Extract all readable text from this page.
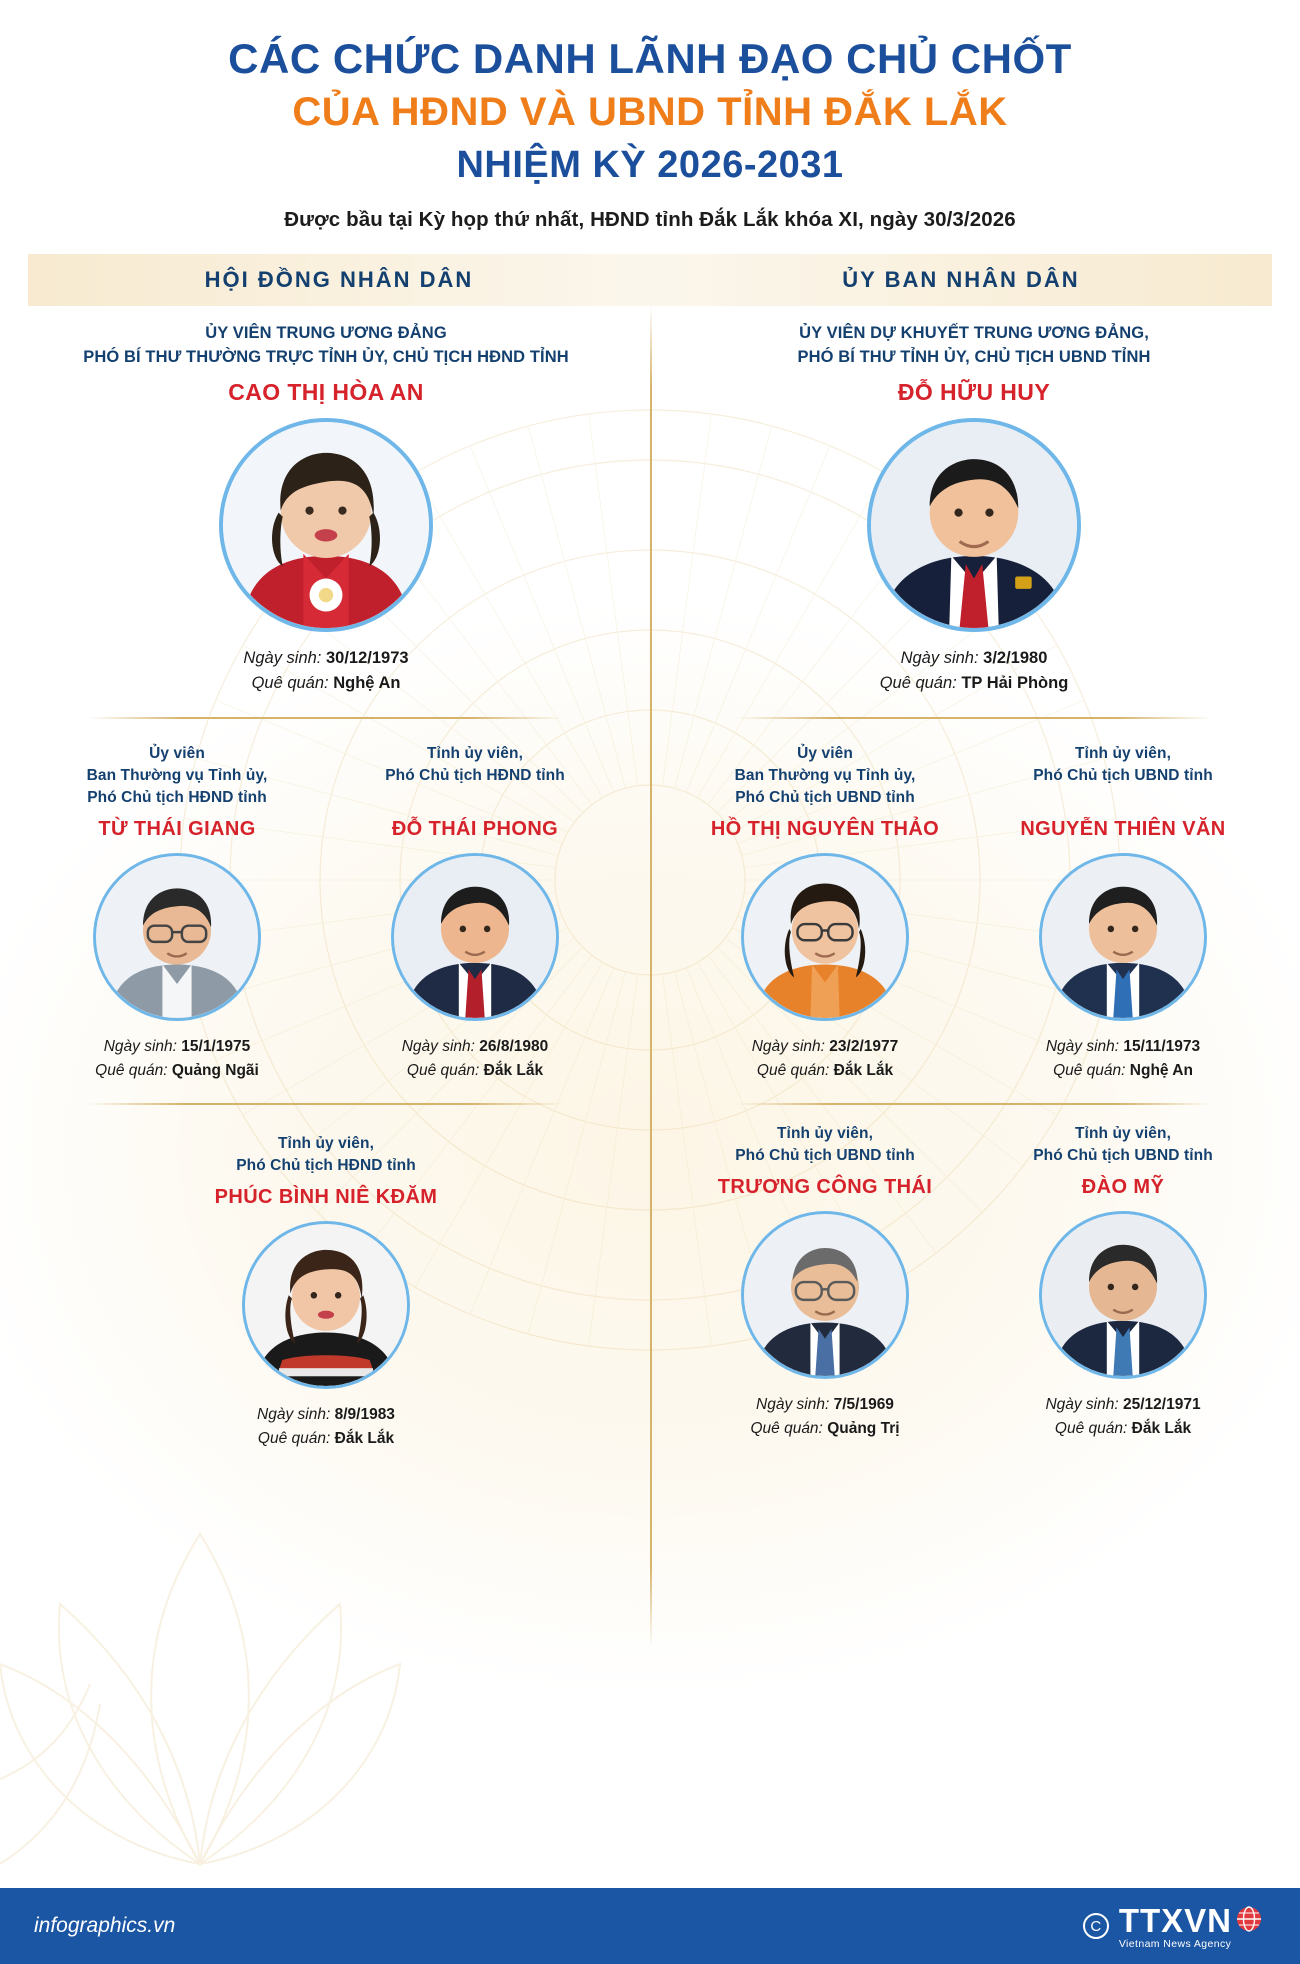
CÁC CHỨC DANH LÃNH ĐẠO CHỦ CHỐT
CỦA HĐND VÀ UBND TỈNH ĐẮK LẮK
NHIỆM KỲ 2026-2031
Được bầu tại Kỳ họp thứ nhất, HĐND tỉnh Đắk Lắk khóa XI, ngày 30/3/2026
HỘI ĐỒNG NHÂN DÂN	ỦY BAN NHÂN DÂN
ỦY VIÊN TRUNG ƯƠNG ĐẢNG
PHÓ BÍ THƯ THƯỜNG TRỰC TỈNH ỦY, CHỦ TỊCH HĐND TỈNH
CAO THỊ HÒA AN
Ngày sinh: 30/12/1973
Quê quán: Nghệ An
Ủy viên
Ban Thường vụ Tỉnh ủy,
Phó Chủ tịch HĐND tỉnh
TỪ THÁI GIANG
Ngày sinh: 15/1/1975
Quê quán: Quảng Ngãi
Tỉnh ủy viên,
Phó Chủ tịch HĐND tỉnh
ĐỖ THÁI PHONG
Ngày sinh: 26/8/1980
Quê quán: Đắk Lắk
Tỉnh ủy viên,
Phó Chủ tịch HĐND tỉnh
PHÚC BÌNH NIÊ KĐĂM
Ngày sinh: 8/9/1983
Quê quán: Đắk Lắk
ỦY VIÊN DỰ KHUYẾT TRUNG ƯƠNG ĐẢNG,
PHÓ BÍ THƯ TỈNH ỦY, CHỦ TỊCH UBND TỈNH
ĐỖ HỮU HUY
Ngày sinh: 3/2/1980
Quê quán: TP Hải Phòng
Ủy viên
Ban Thường vụ Tỉnh ủy,
Phó Chủ tịch UBND tỉnh
HỒ THỊ NGUYÊN THẢO
Ngày sinh: 23/2/1977
Quê quán: Đắk Lắk
Tỉnh ủy viên,
Phó Chủ tịch UBND tỉnh
NGUYỄN THIÊN VĂN
Ngày sinh: 15/11/1973
Quê quán: Nghệ An
Tỉnh ủy viên,
Phó Chủ tịch UBND tỉnh
TRƯƠNG CÔNG THÁI
Ngày sinh: 7/5/1969
Quê quán: Quảng Trị
Tỉnh ủy viên,
Phó Chủ tịch UBND tỉnh
ĐÀO MỸ
Ngày sinh: 25/12/1971
Quê quán: Đắk Lắk
infographics.vn	C TTXVN
Vietnam News Agency
